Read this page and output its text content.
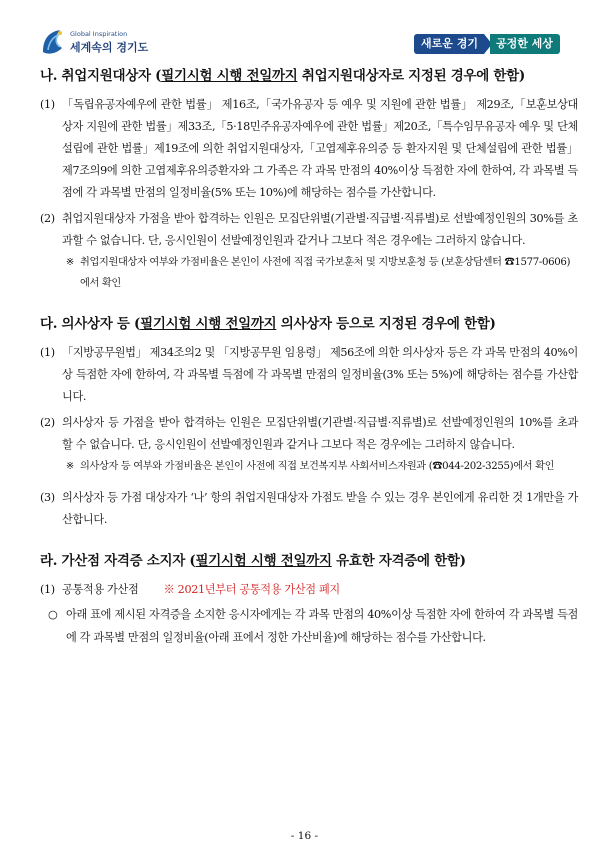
Global Inspiration
세계속의 경기도	새로운 경기	공정한 세상
나. 취업지원대상자 (필기시험 시행 전일까지 취업지원대상자로 지정된 경우에 한함)
(1) 「독립유공자예우에 관한 법률」 제16조,「국가유공자 등 예우 및 지원에 관한 법률」 제29조,「보훈보상대상자 지원에 관한 법률」제33조,「5·18민주유공자예우에 관한 법률」제20조,「특수임무유공자 예우 및 단체설립에 관한 법률」제19조에 의한 취업지원대상자,「고엽제후유의증 등 환자지원 및 단체설립에 관한 법률」제7조의9에 의한 고엽제후유의증환자와 그 가족은 각 과목 만점의 40%이상 득점한 자에 한하여, 각 과목별 득점에 각 과목별 만점의 일정비율(5% 또는 10%)에 해당하는 점수를 가산합니다.
(2) 취업지원대상자 가점을 받아 합격하는 인원은 모집단위별(기관별·직급별·직류별)로 선발예정인원의 30%를 초과할 수 없습니다. 단, 응시인원이 선발예정인원과 같거나 그보다 적은 경우에는 그러하지 않습니다.
※ 취업지원대상자 여부와 가점비율은 본인이 사전에 직접 국가보훈처 및 지방보훈청 등 (보훈상담센터 ☎1577-0606)에서 확인
다. 의사상자 등 (필기시험 시행 전일까지 의사상자 등으로 지정된 경우에 한함)
(1) 「지방공무원법」 제34조의2 및 「지방공무원 임용령」 제56조에 의한 의사상자 등은 각 과목 만점의 40%이상 득점한 자에 한하여, 각 과목별 득점에 각 과목별 만점의 일정비율(3% 또는 5%)에 해당하는 점수를 가산합니다.
(2) 의사상자 등 가점을 받아 합격하는 인원은 모집단위별(기관별·직급별·직류별)로 선발예정인원의 10%를 초과할 수 없습니다. 단, 응시인원이 선발예정인원과 같거나 그보다 적은 경우에는 그러하지 않습니다.
※ 의사상자 등 여부와 가점비율은 본인이 사전에 직접 보건복지부 사회서비스자원과 (☎044-202-3255)에서 확인
(3) 의사상자 등 가점 대상자가 ‘나’ 항의 취업지원대상자 가점도 받을 수 있는 경우 본인에게 유리한 것 1개만을 가산합니다.
라. 가산점 자격증 소지자 (필기시험 시행 전일까지 유효한 자격증에 한함)
(1) 공통적용 가산점 ※ 2021년부터 공통적용 가산점 폐지
○ 아래 표에 제시된 자격증을 소지한 응시자에게는 각 과목 만점의 40%이상 득점한 자에 한하여 각 과목별 득점에 각 과목별 만점의 일정비율(아래 표에서 정한 가산비율)에 해당하는 점수를 가산합니다.
- 16 -
